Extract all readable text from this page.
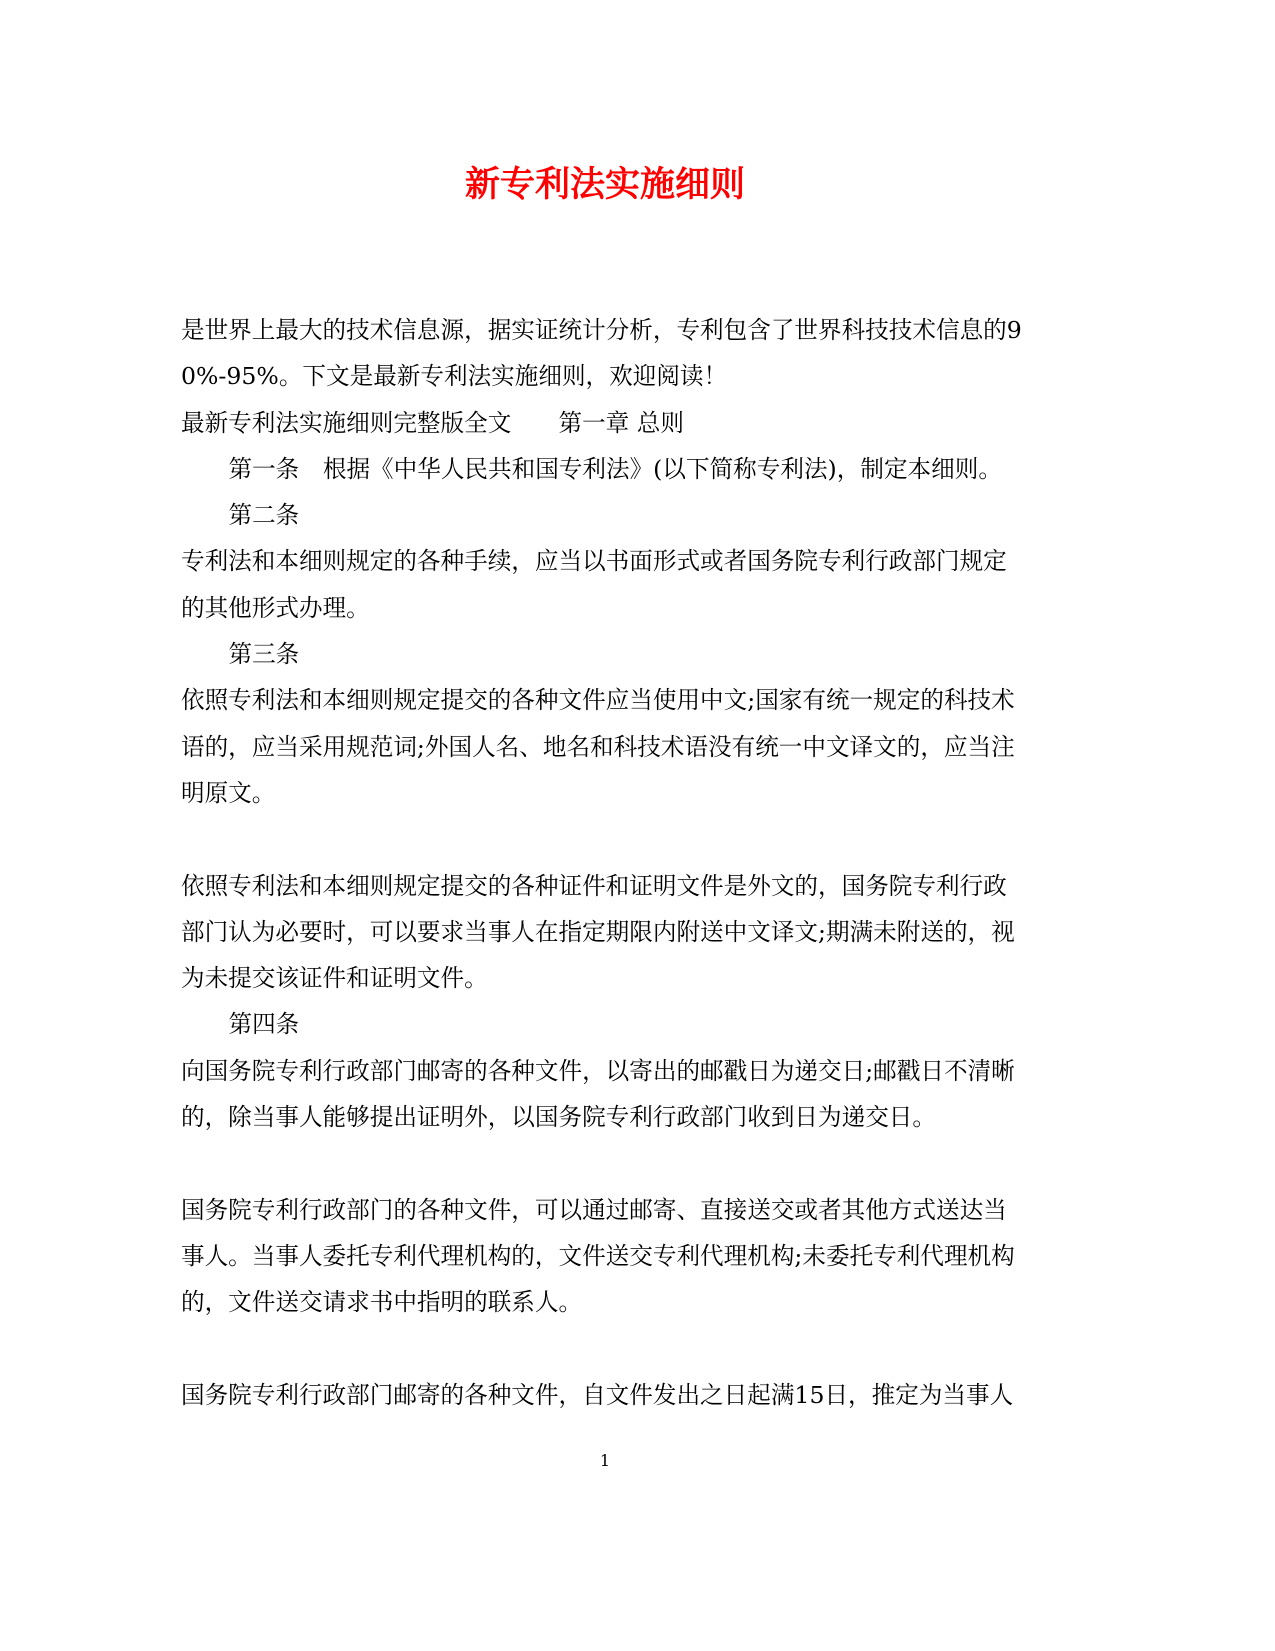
新专利法实施细则
是世界上最大的技术信息源，据实证统计分析，专利包含了世界科技技术信息的9
0%-95%。下文是最新专利法实施细则，欢迎阅读！
最新专利法实施细则完整版全文　　第一章 总则
第一条　根据《中华人民共和国专利法》(以下简称专利法)，制定本细则。
第二条
专利法和本细则规定的各种手续，应当以书面形式或者国务院专利行政部门规定
的其他形式办理。
第三条
依照专利法和本细则规定提交的各种文件应当使用中文;国家有统一规定的科技术
语的，应当采用规范词;外国人名、地名和科技术语没有统一中文译文的，应当注
明原文。
依照专利法和本细则规定提交的各种证件和证明文件是外文的，国务院专利行政
部门认为必要时，可以要求当事人在指定期限内附送中文译文;期满未附送的，视
为未提交该证件和证明文件。
第四条
向国务院专利行政部门邮寄的各种文件，以寄出的邮戳日为递交日;邮戳日不清晰
的，除当事人能够提出证明外，以国务院专利行政部门收到日为递交日。
国务院专利行政部门的各种文件，可以通过邮寄、直接送交或者其他方式送达当
事人。当事人委托专利代理机构的，文件送交专利代理机构;未委托专利代理机构
的，文件送交请求书中指明的联系人。
国务院专利行政部门邮寄的各种文件，自文件发出之日起满15日，推定为当事人
1
